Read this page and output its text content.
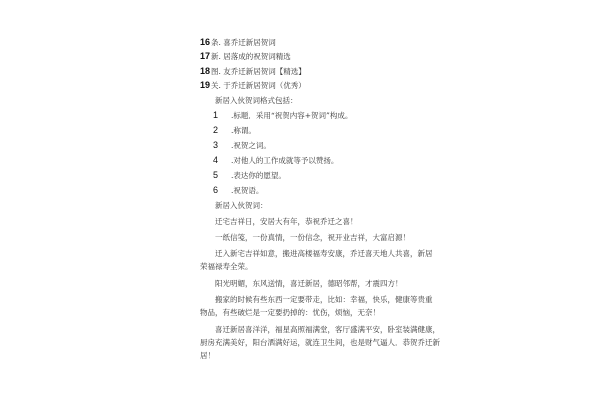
16条. 喜乔迁新居贺词
17新. 居落成的祝贺词精选
18图. 友乔迁新居贺词【精选】
19关. 于乔迁新居贺词（优秀）
新居入伙贺词格式包括：
1 .标题．采用“祝贺内容+贺词”构成。
2 .称谓。
3 .祝贺之词。
4 .对他人的工作成就等予以赞扬。
5 .表达你的愿望。
6 .祝贺语。
新居入伙贺词：
迁宅吉祥日，安居大有年，恭祝乔迁之喜！
一纸信笺，一份真情，一份信念，祝开业吉祥，大富启源！
迁入新宅吉祥如意，搬进高楼福寿安康，乔迁喜天地人共喜，新居
荣福禄寿全荣。
阳光明媚，东风送情，喜迁新居，德昭邻帮，才震四方！
搬家的时候有些东西一定要带走，比如：幸福，快乐，健康等贵重
物品，有些破烂是一定要扔掉的：忧伤，烦恼，无奈！
喜迁新居喜洋洋，福星高照福满堂，客厅盛满平安，卧室装满健康，
厨房充满美好，阳台洒满好运，就连卫生间，也是财气逼人．恭贺乔迁新
居！
